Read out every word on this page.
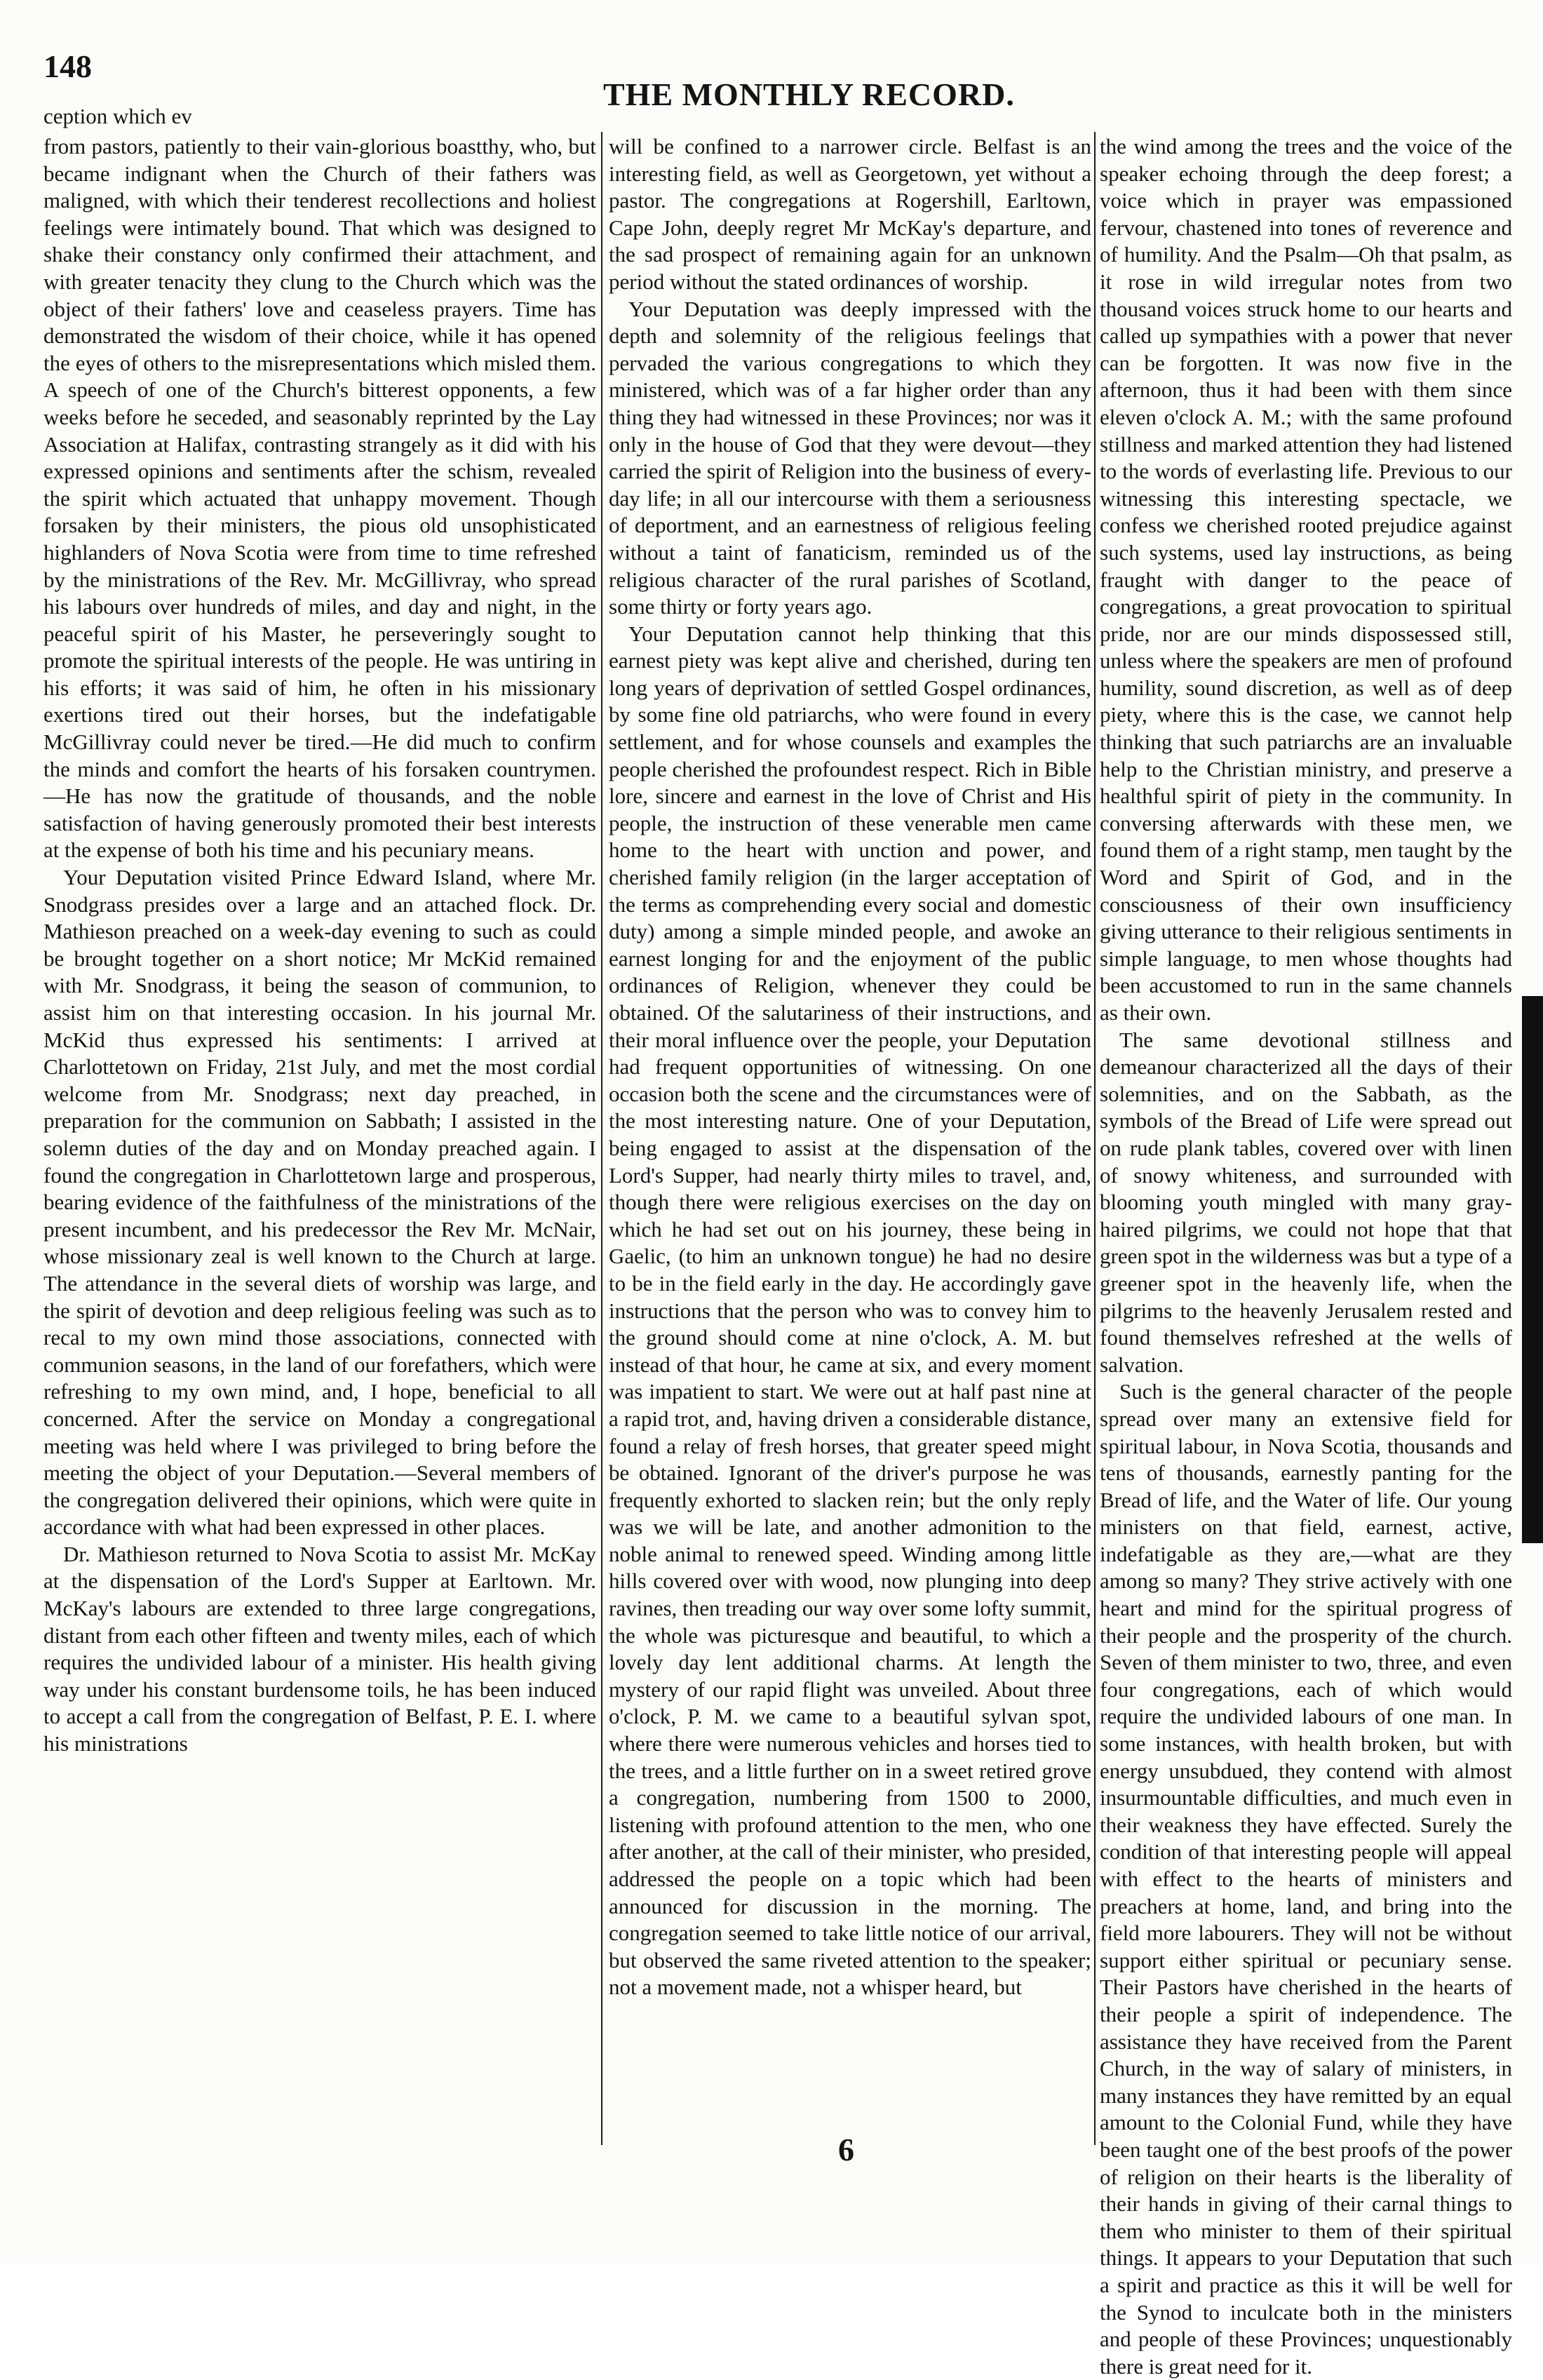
148
THE MONTHLY RECORD.
ception which ev

from pastors, patiently to their vain-glorious boastthy, who, but became indignant when the Church of their fathers was maligned, with which their tenderest recollections and holiest feelings were intimately bound. That which was designed to shake their constancy only confirmed their attachment, and with greater tenacity they clung to the Church which was the object of their fathers' love and ceaseless prayers. Time has demonstrated the wisdom of their choice, while it has opened the eyes of others to the misrepresentations which misled them. A speech of one of the Church's bitterest opponents, a few weeks before he seceded, and seasonably reprinted by the Lay Association at Halifax, contrasting strangely as it did with his expressed opinions and sentiments after the schism, revealed the spirit which actuated that unhappy movement. Though forsaken by their ministers, the pious old unsophisticated highlanders of Nova Scotia were from time to time refreshed by the ministrations of the Rev. Mr. McGillivray, who spread his labours over hundreds of miles, and day and night, in the peaceful spirit of his Master, he perseveringly sought to promote the spiritual interests of the people. He was untiring in his efforts; it was said of him, he often in his missionary exertions tired out their horses, but the indefatigable McGillivray could never be tired.—He did much to confirm the minds and comfort the hearts of his forsaken countrymen.—He has now the gratitude of thousands, and the noble satisfaction of having generously promoted their best interests at the expense of both his time and his pecuniary means.

Your Deputation visited Prince Edward Island, where Mr. Snodgrass presides over a large and an attached flock. Dr. Mathieson preached on a week-day evening to such as could be brought together on a short notice; Mr McKid remained with Mr. Snodgrass, it being the season of communion, to assist him on that interesting occasion. In his journal Mr. McKid thus expressed his sentiments: I arrived at Charlottetown on Friday, 21st July, and met the most cordial welcome from Mr. Snodgrass; next day preached, in preparation for the communion on Sabbath; I assisted in the solemn duties of the day and on Monday preached again. I found the congregation in Charlottetown large and prosperous, bearing evidence of the faithfulness of the ministrations of the present incumbent, and his predecessor the Rev Mr. McNair, whose missionary zeal is well known to the Church at large. The attendance in the several diets of worship was large, and the spirit of devotion and deep religious feeling was such as to recal to my own mind those associations, connected with communion seasons, in the land of our forefathers, which were refreshing to my own mind, and, I hope, beneficial to all concerned. After the service on Monday a congregational meeting was held where I was privileged to bring before the meeting the object of your Deputation.—Several members of the congregation delivered their opinions, which were quite in accordance with what had been expressed in other places.

Dr. Mathieson returned to Nova Scotia to assist Mr. McKay at the dispensation of the Lord's Supper at Earltown. Mr. McKay's labours are extended to three large congregations, distant from each other fifteen and twenty miles, each of which requires the undivided labour of a minister. His health giving way under his constant burdensome toils, he has been induced to accept a call from the congregation of Belfast, P. E. I. where his ministrations

will be confined to a narrower circle. Belfast is an interesting field, as well as Georgetown, yet without a pastor. The congregations at Rogershill, Earltown, Cape John, deeply regret Mr McKay's departure, and the sad prospect of remaining again for an unknown period without the stated ordinances of worship.

Your Deputation was deeply impressed with the depth and solemnity of the religious feelings that pervaded the various congregations to which they ministered, which was of a far higher order than any thing they had witnessed in these Provinces; nor was it only in the house of God that they were devout—they carried the spirit of Religion into the business of every-day life; in all our intercourse with them a seriousness of deportment, and an earnestness of religious feeling without a taint of fanaticism, reminded us of the religious character of the rural parishes of Scotland, some thirty or forty years ago.

Your Deputation cannot help thinking that this earnest piety was kept alive and cherished, during ten long years of deprivation of settled Gospel ordinances, by some fine old patriarchs, who were found in every settlement, and for whose counsels and examples the people cherished the profoundest respect. Rich in Bible lore, sincere and earnest in the love of Christ and His people, the instruction of these venerable men came home to the heart with unction and power, and cherished family religion (in the larger acceptation of the terms as comprehending every social and domestic duty) among a simple minded people, and awoke an earnest longing for and the enjoyment of the public ordinances of Religion, whenever they could be obtained. Of the salutariness of their instructions, and their moral influence over the people, your Deputation had frequent opportunities of witnessing. On one occasion both the scene and the circumstances were of the most interesting nature. One of your Deputation, being engaged to assist at the dispensation of the Lord's Supper, had nearly thirty miles to travel, and, though there were religious exercises on the day on which he had set out on his journey, these being in Gaelic, (to him an unknown tongue) he had no desire to be in the field early in the day. He accordingly gave instructions that the person who was to convey him to the ground should come at nine o'clock, A. M. but instead of that hour, he came at six, and every moment was impatient to start. We were out at half past nine at a rapid trot, and, having driven a considerable distance, found a relay of fresh horses, that greater speed might be obtained. Ignorant of the driver's purpose he was frequently exhorted to slacken rein; but the only reply was we will be late, and another admonition to the noble animal to renewed speed. Winding among little hills covered over with wood, now plunging into deep ravines, then treading our way over some lofty summit, the whole was picturesque and beautiful, to which a lovely day lent additional charms. At length the mystery of our rapid flight was unveiled. About three o'clock, P. M. we came to a beautiful sylvan spot, where there were numerous vehicles and horses tied to the trees, and a little further on in a sweet retired grove a congregation, numbering from 1500 to 2000, listening with profound attention to the men, who one after another, at the call of their minister, who presided, addressed the people on a topic which had been announced for discussion in the morning. The congregation seemed to take little notice of our arrival, but observed the same riveted attention to the speaker; not a movement made, not a whisper heard, but

the wind among the trees and the voice of the speaker echoing through the deep forest; a voice which in prayer was empassioned fervour, chastened into tones of reverence and of humility. And the Psalm—Oh that psalm, as it rose in wild irregular notes from two thousand voices struck home to our hearts and called up sympathies with a power that never can be forgotten. It was now five in the afternoon, thus it had been with them since eleven o'clock A. M.; with the same profound stillness and marked attention they had listened to the words of everlasting life. Previous to our witnessing this interesting spectacle, we confess we cherished rooted prejudice against such systems, used lay instructions, as being fraught with danger to the peace of congregations, a great provocation to spiritual pride, nor are our minds dispossessed still, unless where the speakers are men of profound humility, sound discretion, as well as of deep piety, where this is the case, we cannot help thinking that such patriarchs are an invaluable help to the Christian ministry, and preserve a healthful spirit of piety in the community. In conversing afterwards with these men, we found them of a right stamp, men taught by the Word and Spirit of God, and in the consciousness of their own insufficiency giving utterance to their religious sentiments in simple language, to men whose thoughts had been accustomed to run in the same channels as their own.

The same devotional stillness and demeanour characterized all the days of their solemnities, and on the Sabbath, as the symbols of the Bread of Life were spread out on rude plank tables, covered over with linen of snowy whiteness, and surrounded with blooming youth mingled with many gray-haired pilgrims, we could not hope that that green spot in the wilderness was but a type of a greener spot in the heavenly life, when the pilgrims to the heavenly Jerusalem rested and found themselves refreshed at the wells of salvation.

Such is the general character of the people spread over many an extensive field for spiritual labour, in Nova Scotia, thousands and tens of thousands, earnestly panting for the Bread of life, and the Water of life. Our young ministers on that field, earnest, active, indefatigable as they are,—what are they among so many? They strive actively with one heart and mind for the spiritual progress of their people and the prosperity of the church. Seven of them minister to two, three, and even four congregations, each of which would require the undivided labours of one man. In some instances, with health broken, but with energy unsubdued, they contend with almost insurmountable difficulties, and much even in their weakness they have effected. Surely the condition of that interesting people will appeal with effect to the hearts of ministers and preachers at home, land, and bring into the field more labourers. They will not be without support either spiritual or pecuniary sense. Their Pastors have cherished in the hearts of their people a spirit of independence. The assistance they have received from the Parent Church, in the way of salary of ministers, in many instances they have remitted by an equal amount to the Colonial Fund, while they have been taught one of the best proofs of the power of religion on their hearts is the liberality of their hands in giving of their carnal things to them who minister to them of their spiritual things. It appears to your Deputation that such a spirit and practice as this it will be well for the Synod to inculcate both in the ministers and people of these Provinces; unquestionably there is great need for it.

6
